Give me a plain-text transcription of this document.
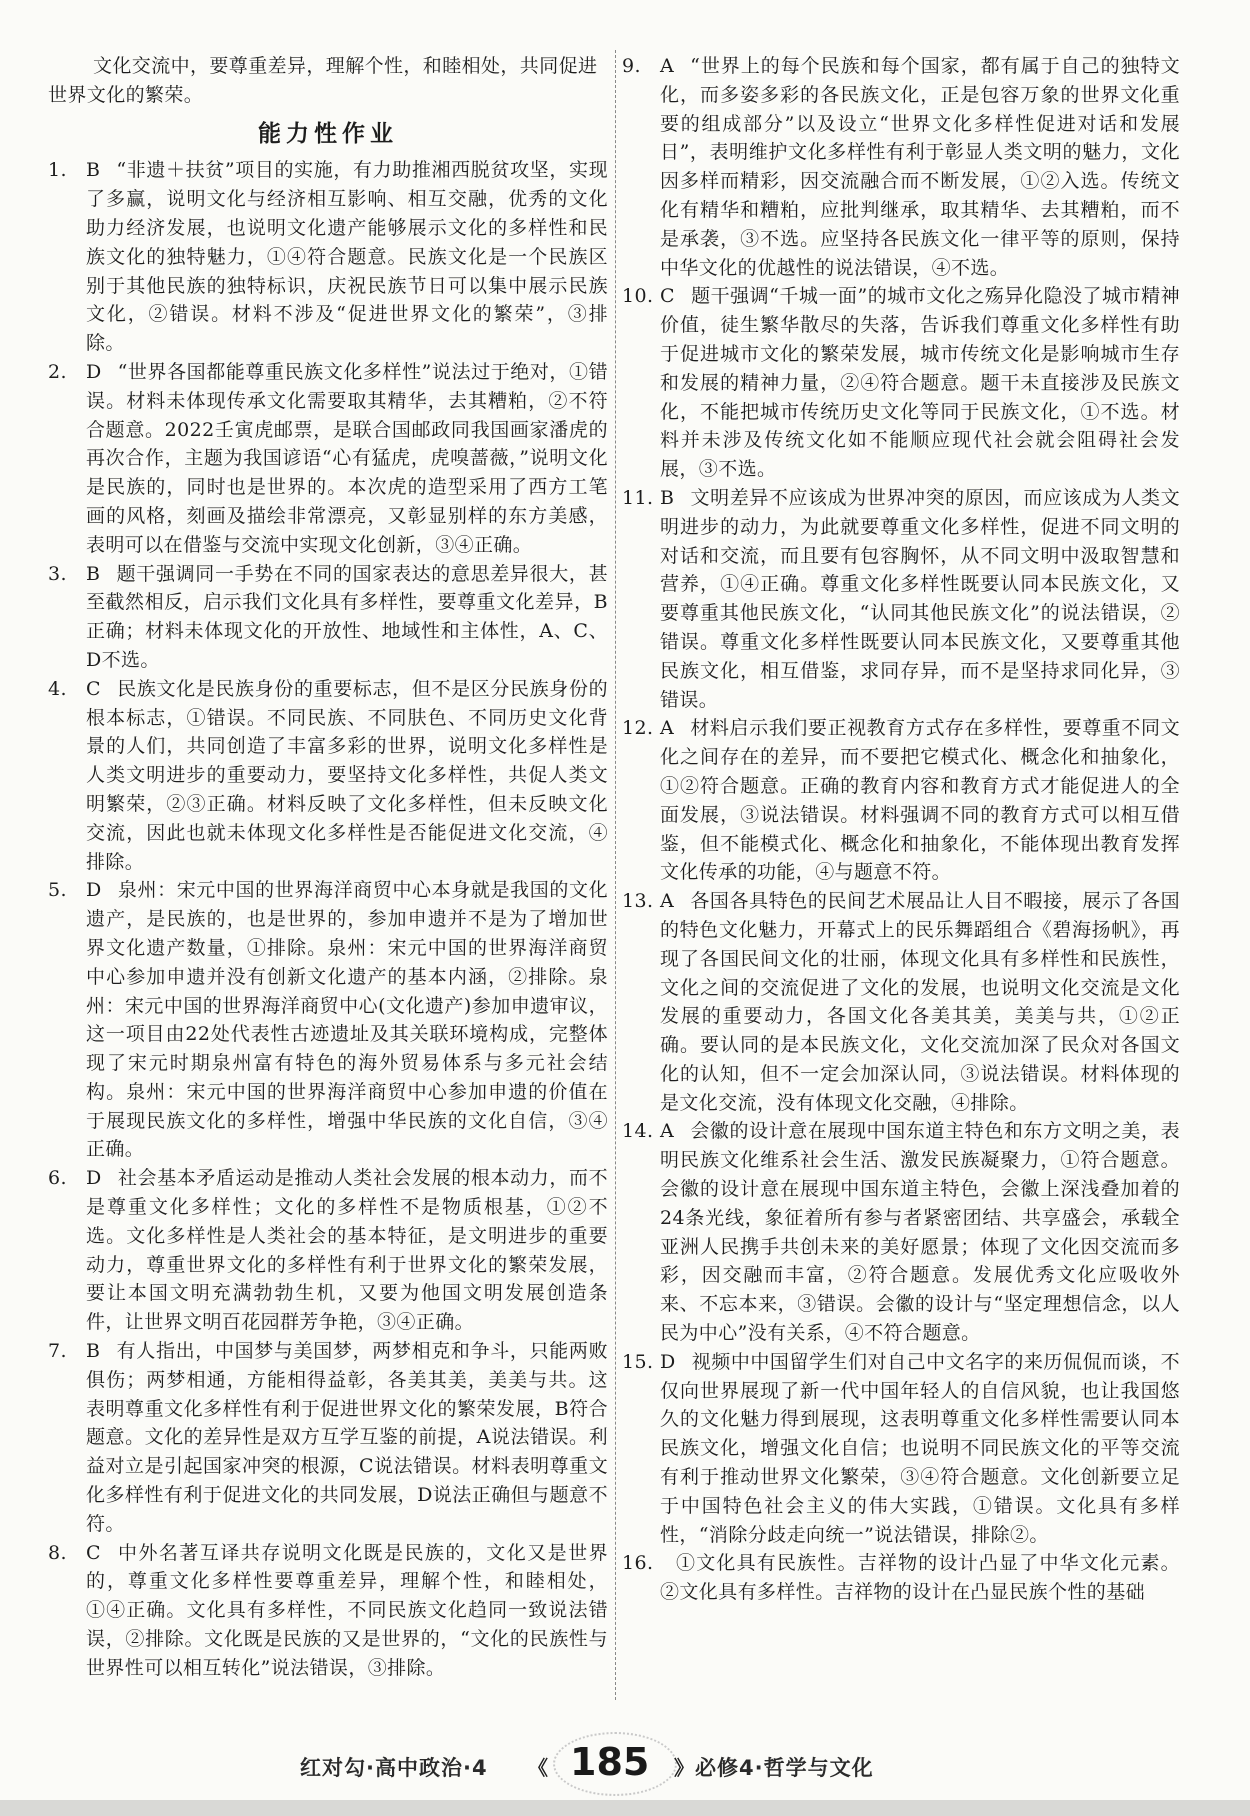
文化交流中，要尊重差异，理解个性，和睦相处，共同促进世界文化的繁荣。

能力性作业

1.	B “非遗＋扶贫”项目的实施，有力助推湘西脱贫攻坚，实现了多赢，说明文化与经济相互影响、相互交融，优秀的文化助力经济发展，也说明文化遗产能够展示文化的多样性和民族文化的独特魅力，①④符合题意。民族文化是一个民族区别于其他民族的独特标识，庆祝民族节日可以集中展示民族文化，②错误。材料不涉及“促进世界文化的繁荣”，③排除。

2.	D “世界各国都能尊重民族文化多样性”说法过于绝对，①错误。材料未体现传承文化需要取其精华，去其糟粕，②不符合题意。2022壬寅虎邮票，是联合国邮政同我国画家潘虎的再次合作，主题为我国谚语“心有猛虎，虎嗅蔷薇，”说明文化是民族的，同时也是世界的。本次虎的造型采用了西方工笔画的风格，刻画及描绘非常漂亮，又彰显别样的东方美感，表明可以在借鉴与交流中实现文化创新，③④正确。

3.	B 题干强调同一手势在不同的国家表达的意思差异很大，甚至截然相反，启示我们文化具有多样性，要尊重文化差异，B正确；材料未体现文化的开放性、地域性和主体性，A、C、D不选。

4.	C 民族文化是民族身份的重要标志，但不是区分民族身份的根本标志，①错误。不同民族、不同肤色、不同历史文化背景的人们，共同创造了丰富多彩的世界，说明文化多样性是人类文明进步的重要动力，要坚持文化多样性，共促人类文明繁荣，②③正确。材料反映了文化多样性，但未反映文化交流，因此也就未体现文化多样性是否能促进文化交流，④排除。

5.	D 泉州：宋元中国的世界海洋商贸中心本身就是我国的文化遗产，是民族的，也是世界的，参加申遗并不是为了增加世界文化遗产数量，①排除。泉州：宋元中国的世界海洋商贸中心参加申遗并没有创新文化遗产的基本内涵，②排除。泉州：宋元中国的世界海洋商贸中心(文化遗产)参加申遗审议，这一项目由22处代表性古迹遗址及其关联环境构成，完整体现了宋元时期泉州富有特色的海外贸易体系与多元社会结构。泉州：宋元中国的世界海洋商贸中心参加申遗的价值在于展现民族文化的多样性，增强中华民族的文化自信，③④正确。

6.	D 社会基本矛盾运动是推动人类社会发展的根本动力，而不是尊重文化多样性；文化的多样性不是物质根基，①②不选。文化多样性是人类社会的基本特征，是文明进步的重要动力，尊重世界文化的多样性有利于世界文化的繁荣发展，要让本国文明充满勃勃生机，又要为他国文明发展创造条件，让世界文明百花园群芳争艳，③④正确。

7.	B 有人指出，中国梦与美国梦，两梦相克和争斗，只能两败俱伤；两梦相通，方能相得益彰，各美其美，美美与共。这表明尊重文化多样性有利于促进世界文化的繁荣发展，B符合题意。文化的差异性是双方互学互鉴的前提，A说法错误。利益对立是引起国家冲突的根源，C说法错误。材料表明尊重文化多样性有利于促进文化的共同发展，D说法正确但与题意不符。

8.	C 中外名著互译共存说明文化既是民族的，文化又是世界的，尊重文化多样性要尊重差异，理解个性，和睦相处，①④正确。文化具有多样性，不同民族文化趋同一致说法错误，②排除。文化既是民族的又是世界的，“文化的民族性与世界性可以相互转化”说法错误，③排除。

9.	A “世界上的每个民族和每个国家，都有属于自己的独特文化，而多姿多彩的各民族文化，正是包容万象的世界文化重要的组成部分”以及设立“世界文化多样性促进对话和发展日”，表明维护文化多样性有利于彰显人类文明的魅力，文化因多样而精彩，因交流融合而不断发展，①②入选。传统文化有精华和糟粕，应批判继承，取其精华、去其糟粕，而不是承袭，③不选。应坚持各民族文化一律平等的原则，保持中华文化的优越性的说法错误，④不选。

10. C 题干强调“千城一面”的城市文化之殇异化隐没了城市精神价值，徒生繁华散尽的失落，告诉我们尊重文化多样性有助于促进城市文化的繁荣发展，城市传统文化是影响城市生存和发展的精神力量，②④符合题意。题干未直接涉及民族文化，不能把城市传统历史文化等同于民族文化，①不选。材料并未涉及传统文化如不能顺应现代社会就会阻碍社会发展，③不选。

11. B 文明差异不应该成为世界冲突的原因，而应该成为人类文明进步的动力，为此就要尊重文化多样性，促进不同文明的对话和交流，而且要有包容胸怀，从不同文明中汲取智慧和营养，①④正确。尊重文化多样性既要认同本民族文化，又要尊重其他民族文化，“认同其他民族文化”的说法错误，②错误。尊重文化多样性既要认同本民族文化，又要尊重其他民族文化，相互借鉴，求同存异，而不是坚持求同化异，③错误。

12. A 材料启示我们要正视教育方式存在多样性，要尊重不同文化之间存在的差异，而不要把它模式化、概念化和抽象化，①②符合题意。正确的教育内容和教育方式才能促进人的全面发展，③说法错误。材料强调不同的教育方式可以相互借鉴，但不能模式化、概念化和抽象化，不能体现出教育发挥文化传承的功能，④与题意不符。

13. A 各国各具特色的民间艺术展品让人目不暇接，展示了各国的特色文化魅力，开幕式上的民乐舞蹈组合《碧海扬帆》，再现了各国民间文化的壮丽，体现文化具有多样性和民族性，文化之间的交流促进了文化的发展，也说明文化交流是文化发展的重要动力，各国文化各美其美，美美与共，①②正确。要认同的是本民族文化，文化交流加深了民众对各国文化的认知，但不一定会加深认同，③说法错误。材料体现的是文化交流，没有体现文化交融，④排除。

14. A 会徽的设计意在展现中国东道主特色和东方文明之美，表明民族文化维系社会生活、激发民族凝聚力，①符合题意。会徽的设计意在展现中国东道主特色，会徽上深浅叠加着的24条光线，象征着所有参与者紧密团结、共享盛会，承载全亚洲人民携手共创未来的美好愿景；体现了文化因交流而多彩，因交融而丰富，②符合题意。发展优秀文化应吸收外来、不忘本来，③错误。会徽的设计与“坚定理想信念，以人民为中心”没有关系，④不符合题意。

15. D 视频中中国留学生们对自己中文名字的来历侃侃而谈，不仅向世界展现了新一代中国年轻人的自信风貌，也让我国悠久的文化魅力得到展现，这表明尊重文化多样性需要认同本民族文化，增强文化自信；也说明不同民族文化的平等交流有利于推动世界文化繁荣，③④符合题意。文化创新要立足于中国特色社会主义的伟大实践，①错误。文化具有多样性，“消除分歧走向统一”说法错误，排除②。

16.	①文化具有民族性。吉祥物的设计凸显了中华文化元素。②文化具有多样性。吉祥物的设计在凸显民族个性的基础

红对勾·高中政治·4 《 185 》 必修4·哲学与文化
